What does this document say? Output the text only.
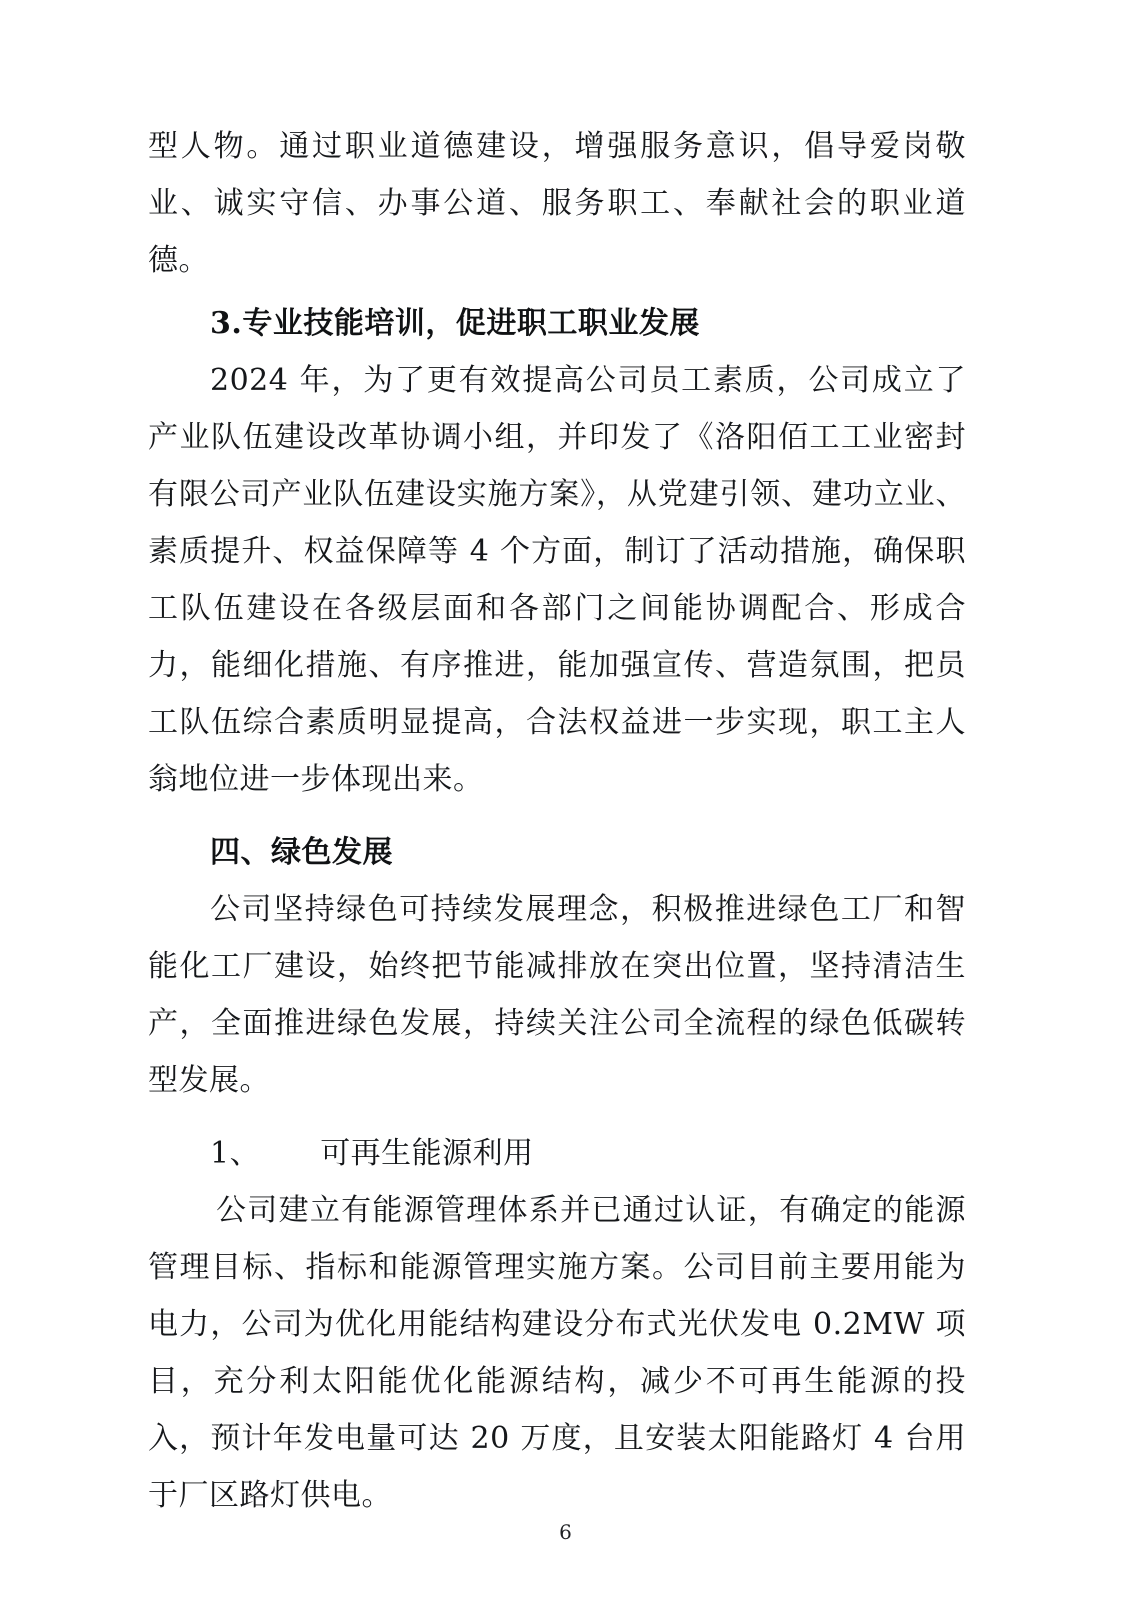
型人物。通过职业道德建设，增强服务意识，倡导爱岗敬业、诚实守信、办事公道、服务职工、奉献社会的职业道德。

3.专业技能培训，促进职工职业发展

2024 年，为了更有效提高公司员工素质，公司成立了产业队伍建设改革协调小组，并印发了《洛阳佰工工业密封有限公司产业队伍建设实施方案》，从党建引领、建功立业、素质提升、权益保障等 4 个方面，制订了活动措施，确保职工队伍建设在各级层面和各部门之间能协调配合、形成合力，能细化措施、有序推进，能加强宣传、营造氛围，把员工队伍综合素质明显提高，合法权益进一步实现，职工主人翁地位进一步体现出来。

四、绿色发展

公司坚持绿色可持续发展理念，积极推进绿色工厂和智能化工厂建设，始终把节能减排放在突出位置，坚持清洁生产，全面推进绿色发展，持续关注公司全流程的绿色低碳转型发展。

1、 可再生能源利用

公司建立有能源管理体系并已通过认证，有确定的能源管理目标、指标和能源管理实施方案。公司目前主要用能为电力，公司为优化用能结构建设分布式光伏发电 0.2MW 项目，充分利太阳能优化能源结构，减少不可再生能源的投入，预计年发电量可达 20 万度，且安装太阳能路灯 4 台用于厂区路灯供电。

6
